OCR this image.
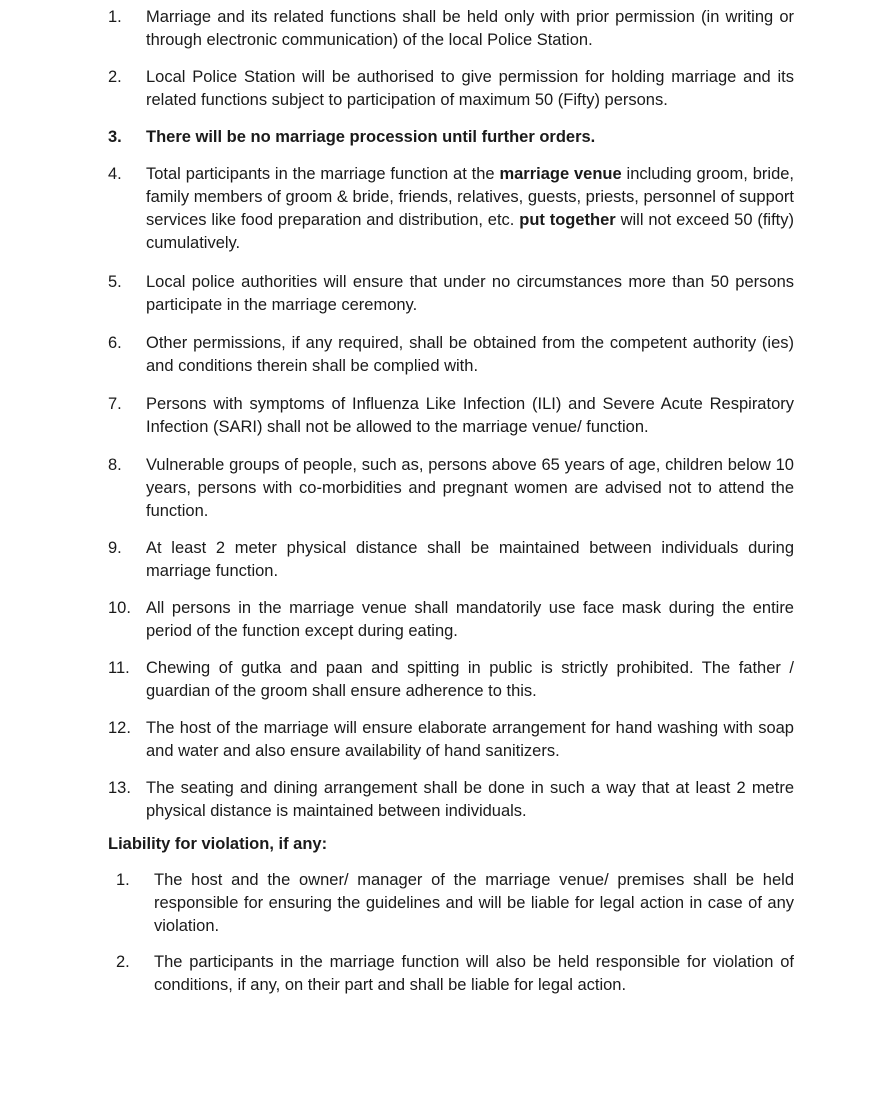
1.	Marriage and its related functions shall be held only with prior permission (in writing or through electronic communication) of the local Police Station.
2.	Local Police Station will be authorised to give permission for holding marriage and its related functions subject to participation of maximum 50 (Fifty) persons.
3.	There will be no marriage procession until further orders.
4.	Total participants in the marriage function at the marriage venue including groom, bride, family members of groom & bride, friends, relatives, guests, priests, personnel of support services like food preparation and distribution, etc. put together will not exceed 50 (fifty) cumulatively.
5.	Local police authorities will ensure that under no circumstances more than 50 persons participate in the marriage ceremony.
6.	Other permissions, if any required, shall be obtained from the competent authority (ies) and conditions therein shall be complied with.
7.	Persons with symptoms of Influenza Like Infection (ILI) and Severe Acute Respiratory Infection (SARI) shall not be allowed to the marriage venue/ function.
8.	Vulnerable groups of people, such as, persons above 65 years of age, children below 10 years, persons with co-morbidities and pregnant women are advised not to attend the function.
9.	At least 2 meter physical distance shall be maintained between individuals during marriage function.
10. All persons in the marriage venue shall mandatorily use face mask during the entire period of the function except during eating.
11. Chewing of gutka and paan and spitting in public is strictly prohibited. The father / guardian of the groom shall ensure adherence to this.
12. The host of the marriage will ensure elaborate arrangement for hand washing with soap and water and also ensure availability of hand sanitizers.
13. The seating and dining arrangement shall be done in such a way that at least 2 metre physical distance is maintained between individuals.
Liability for violation, if any:
1.	The host and the owner/ manager of the marriage venue/ premises shall be held responsible for ensuring the guidelines and will be liable for legal action in case of any violation.
2.	The participants in the marriage function will also be held responsible for violation of conditions, if any, on their part and shall be liable for legal action.
